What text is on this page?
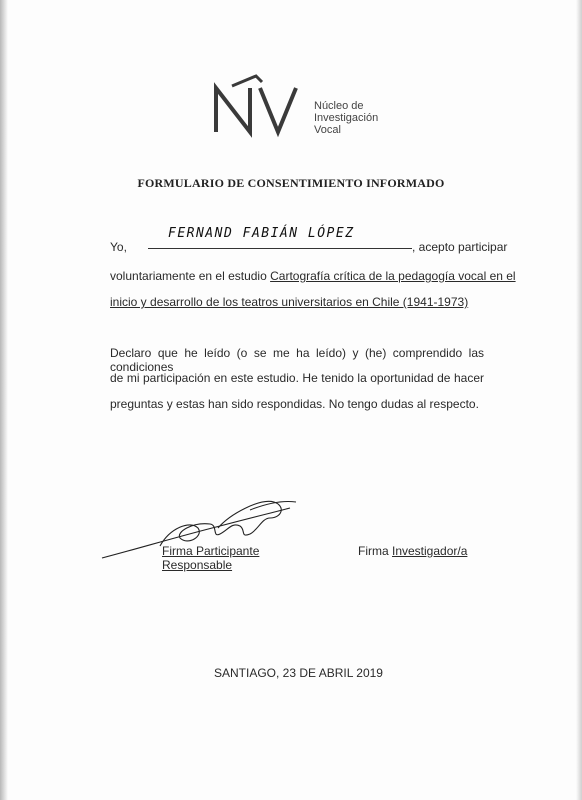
Núcleo de
Investigación
Vocal
FORMULARIO DE CONSENTIMIENTO INFORMADO
Yo,
FERNAND FABIÁN LÓPEZ
, acepto participar
voluntariamente en el estudio Cartografía crítica de la pedagogía vocal en el
inicio y desarrollo de los teatros universitarios en Chile (1941-1973)
Declaro que he leído (o se me ha leído) y (he) comprendido las condiciones
de mi participación en este estudio. He tenido la oportunidad de hacer
preguntas y estas han sido respondidas. No tengo dudas al respecto.
Firma Participante
Responsable
Firma Investigador/a
SANTIAGO, 23 DE ABRIL 2019
